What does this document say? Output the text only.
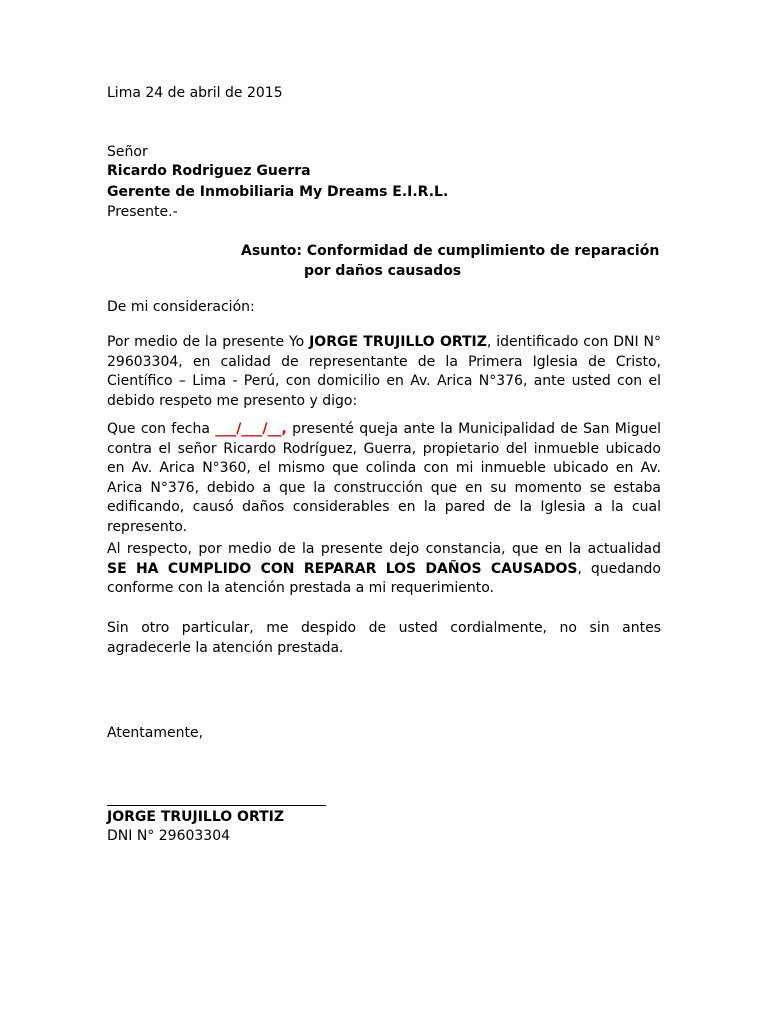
Lima 24 de abril de 2015
Señor
Ricardo Rodriguez Guerra
Gerente de Inmobiliaria My Dreams E.I.R.L.
Presente.-
Asunto: Conformidad de cumplimiento de reparación
por daños causados
De mi consideración:
Por medio de la presente Yo JORGE TRUJILLO ORTIZ, identificado con DNI N° 29603304, en calidad de representante de la Primera Iglesia de Cristo, Científico – Lima - Perú, con domicilio en Av. Arica N°376, ante usted con el debido respeto me presento y digo:
Que con fecha ___/___/__, presenté queja ante la Municipalidad de San Miguel contra el señor Ricardo Rodríguez, Guerra, propietario del inmueble ubicado en Av. Arica N°360, el mismo que colinda con mi inmueble ubicado en Av. Arica N°376, debido a que la construcción que en su momento se estaba edificando, causó daños considerables en la pared de la Iglesia a la cual represento.
Al respecto, por medio de la presente dejo constancia, que en la actualidad SE HA CUMPLIDO CON REPARAR LOS DAÑOS CAUSADOS, quedando conforme con la atención prestada a mi requerimiento.
Sin otro particular, me despido de usted cordialmente, no sin antes agradecerle la atención prestada.
Atentamente,
JORGE TRUJILLO ORTIZ
DNI N° 29603304
